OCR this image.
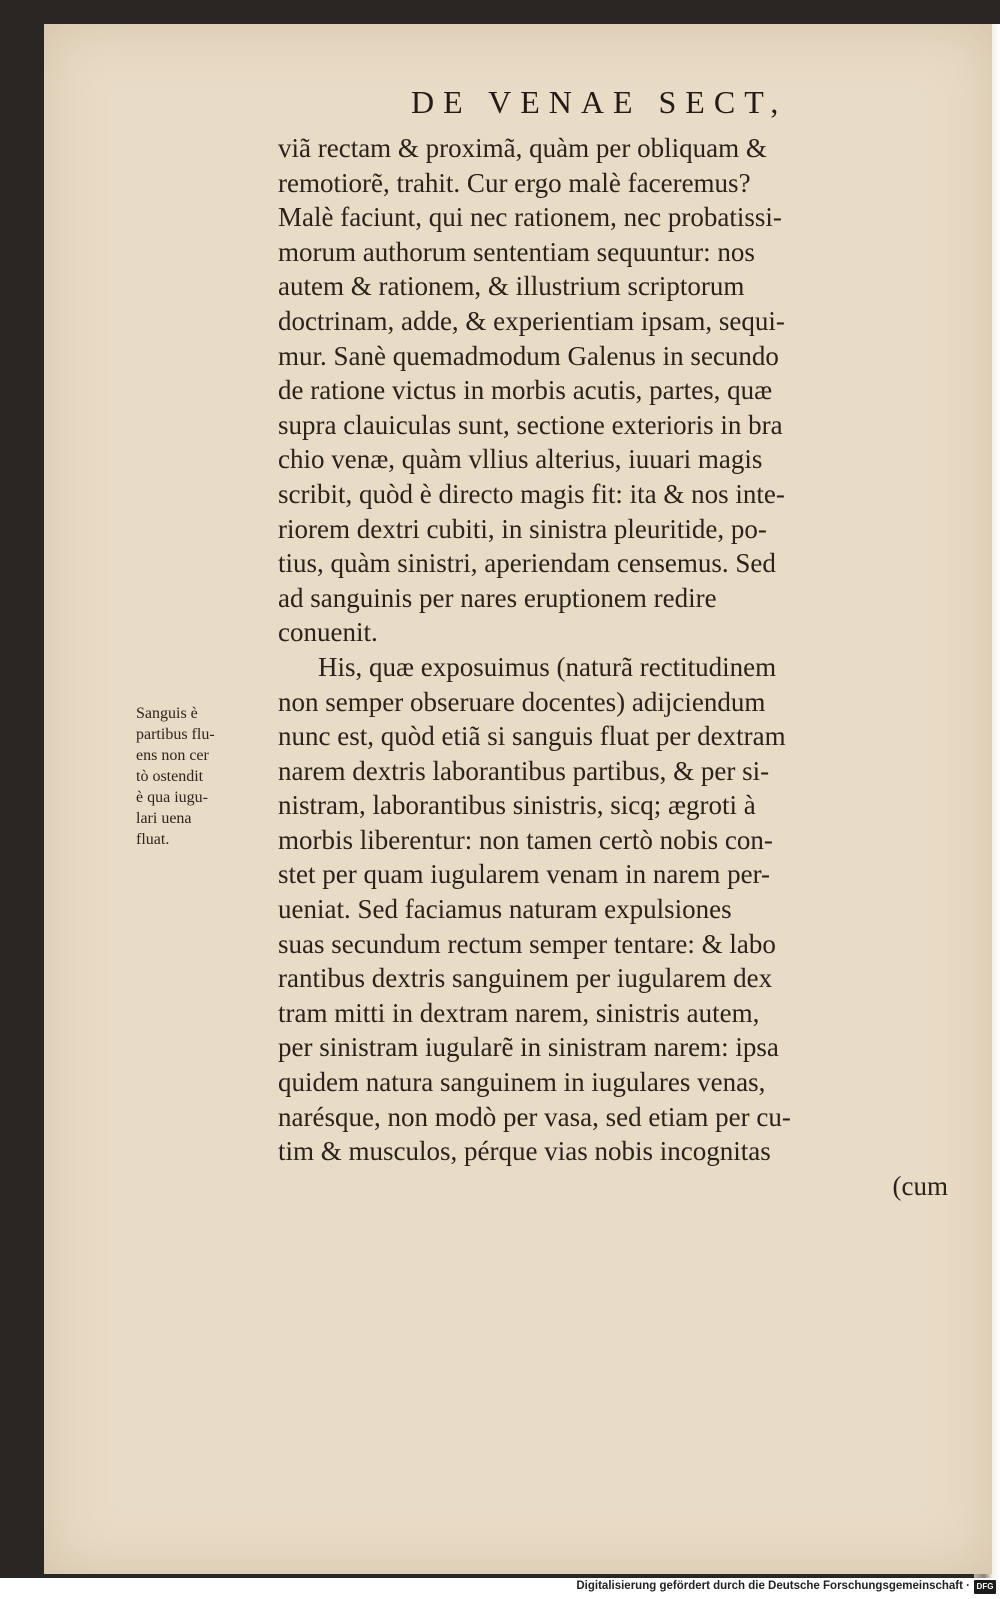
DE VENAE SECT,
viã rectam & proximã, quàm per obliquam &
remotiorẽ, trahit. Cur ergo malè faceremus?
Malè faciunt, qui nec rationem, nec probatissi-
morum authorum sententiam sequuntur: nos
autem & rationem, & illustrium scriptorum
doctrinam, adde, & experientiam ipsam, sequi-
mur. Sanè quemadmodum Galenus in secundo
de ratione victus in morbis acutis, partes, quæ
supra clauiculas sunt, sectione exterioris in bra
chio venæ, quàm vllius alterius, iuuari magis
scribit, quòd è directo magis fit: ita & nos inte-
riorem dextri cubiti, in sinistra pleuritide, po-
tius, quàm sinistri, aperiendam censemus. Sed
ad sanguinis per nares eruptionem redire
conuenit.
His, quæ exposuimus (naturã rectitudinem
non semper obseruare docentes) adijciendum
nunc est, quòd etiã si sanguis fluat per dextram
narem dextris laborantibus partibus, & per si-
nistram, laborantibus sinistris, sicq; ægroti à
morbis liberentur: non tamen certò nobis con-
stet per quam iugularem venam in narem per-
ueniat. Sed faciamus naturam expulsiones
suas secundum rectum semper tentare: & labo
rantibus dextris sanguinem per iugularem dex
tram mitti in dextram narem, sinistris autem,
per sinistram iugularẽ in sinistram narem: ipsa
quidem natura sanguinem in iugulares venas,
narésque, non modò per vasa, sed etiam per cu-
tim & musculos, pérque vias nobis incognitas
(cum
Sanguis è
partibus flu-
ens non cer
tò ostendit
è qua iugu-
lari uena
fluat.
Digitalisierung gefördert durch die Deutsche Forschungsgemeinschaft · DFG
